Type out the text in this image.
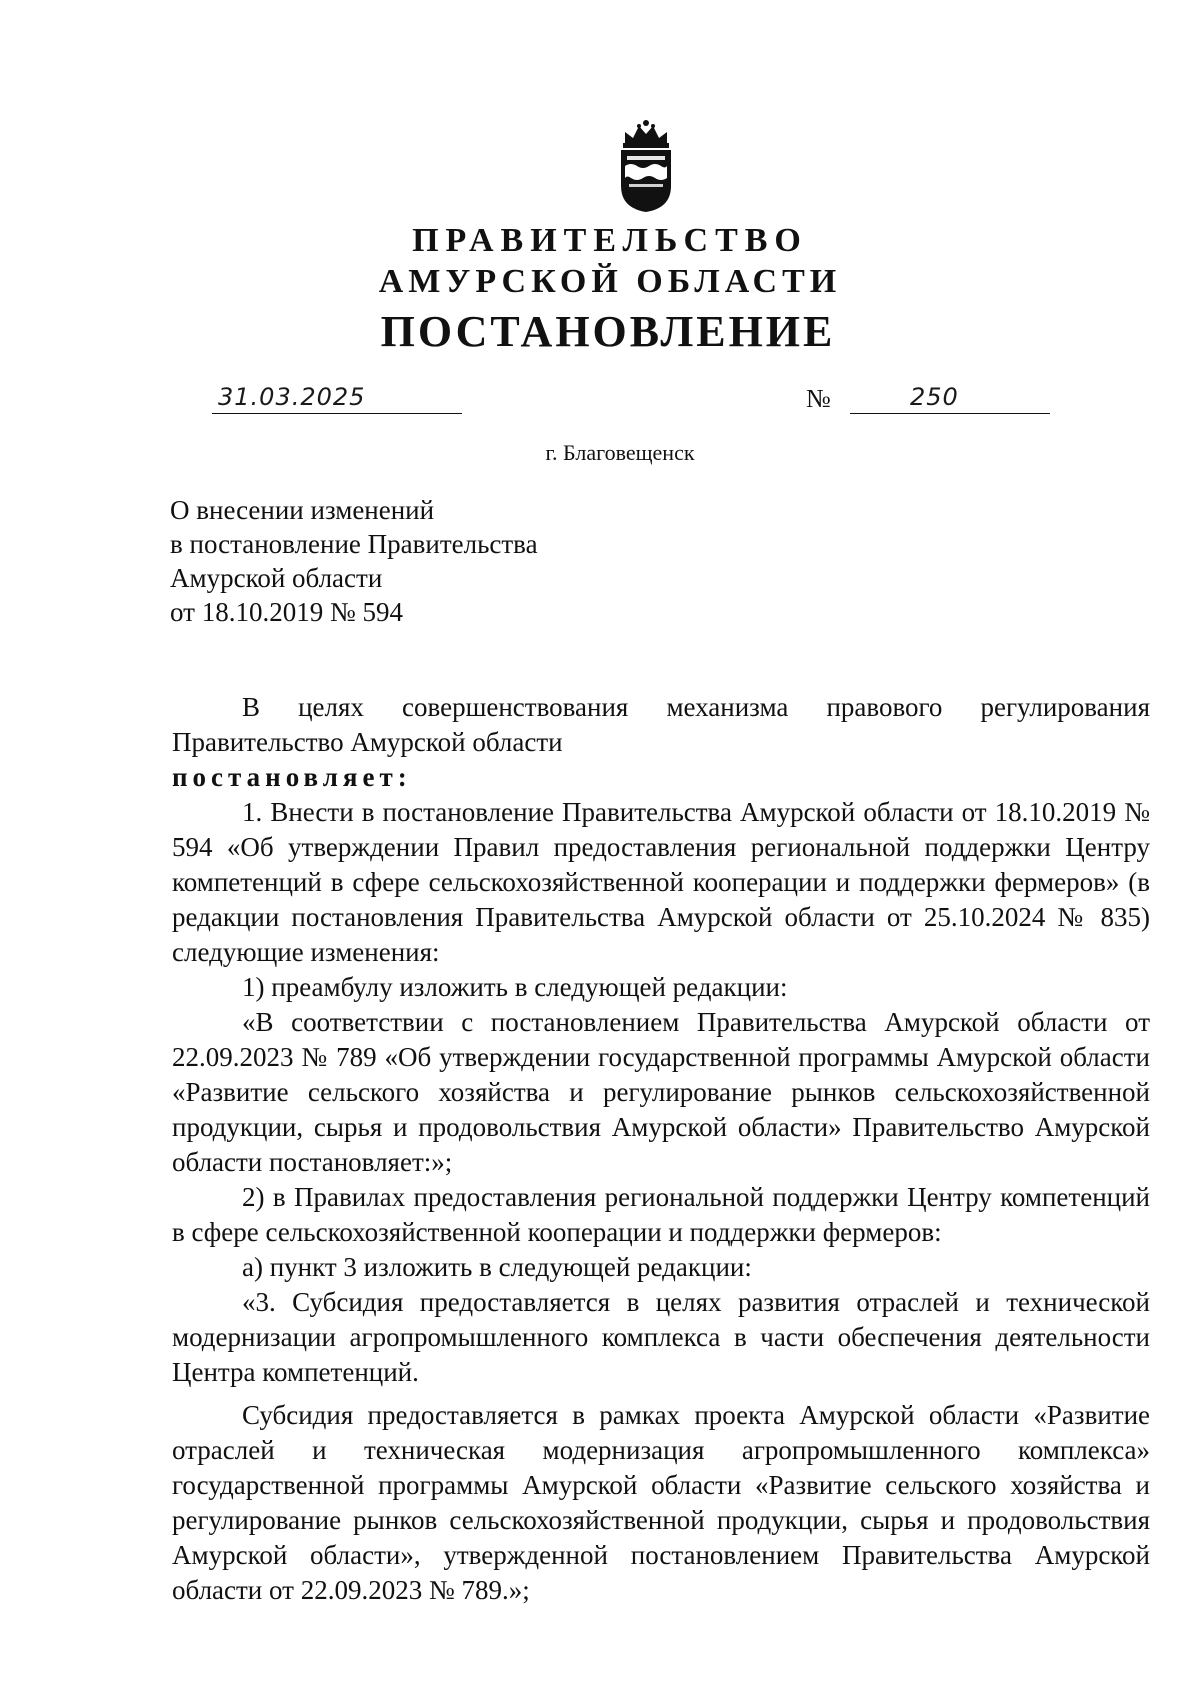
ПРАВИТЕЛЬСТВО
АМУРСКОЙ ОБЛАСТИ
ПОСТАНОВЛЕНИЕ
31.03.2025	№	250
г. Благовещенск
О внесении изменений
в постановление Правительства
Амурской области
от 18.10.2019 № 594

В целях совершенствования механизма правового регулирования Правительство Амурской области

постановляет:

1. Внести в постановление Правительства Амурской области от 18.10.2019 № 594 «Об утверждении Правил предоставления региональной поддержки Центру компетенций в сфере сельскохозяйственной кооперации и поддержки фермеров» (в редакции постановления Правительства Амурской области от 25.10.2024 № 835) следующие изменения:

1) преамбулу изложить в следующей редакции:

«В соответствии с постановлением Правительства Амурской области от 22.09.2023 № 789 «Об утверждении государственной программы Амурской области «Развитие сельского хозяйства и регулирование рынков сельскохозяйственной продукции, сырья и продовольствия Амурской области» Правительство Амурской области постановляет:»;

2) в Правилах предоставления региональной поддержки Центру компетенций в сфере сельскохозяйственной кооперации и поддержки фермеров:

а) пункт 3 изложить в следующей редакции:

«3. Субсидия предоставляется в целях развития отраслей и технической модернизации агропромышленного комплекса в части обеспечения деятельности Центра компетенций.

Субсидия предоставляется в рамках проекта Амурской области «Развитие отраслей и техническая модернизация агропромышленного комплекса» государственной программы Амурской области «Развитие сельского хозяйства и регулирование рынков сельскохозяйственной продукции, сырья и продовольствия Амурской области», утвержденной постановлением Правительства Амурской области от 22.09.2023 № 789.»;
